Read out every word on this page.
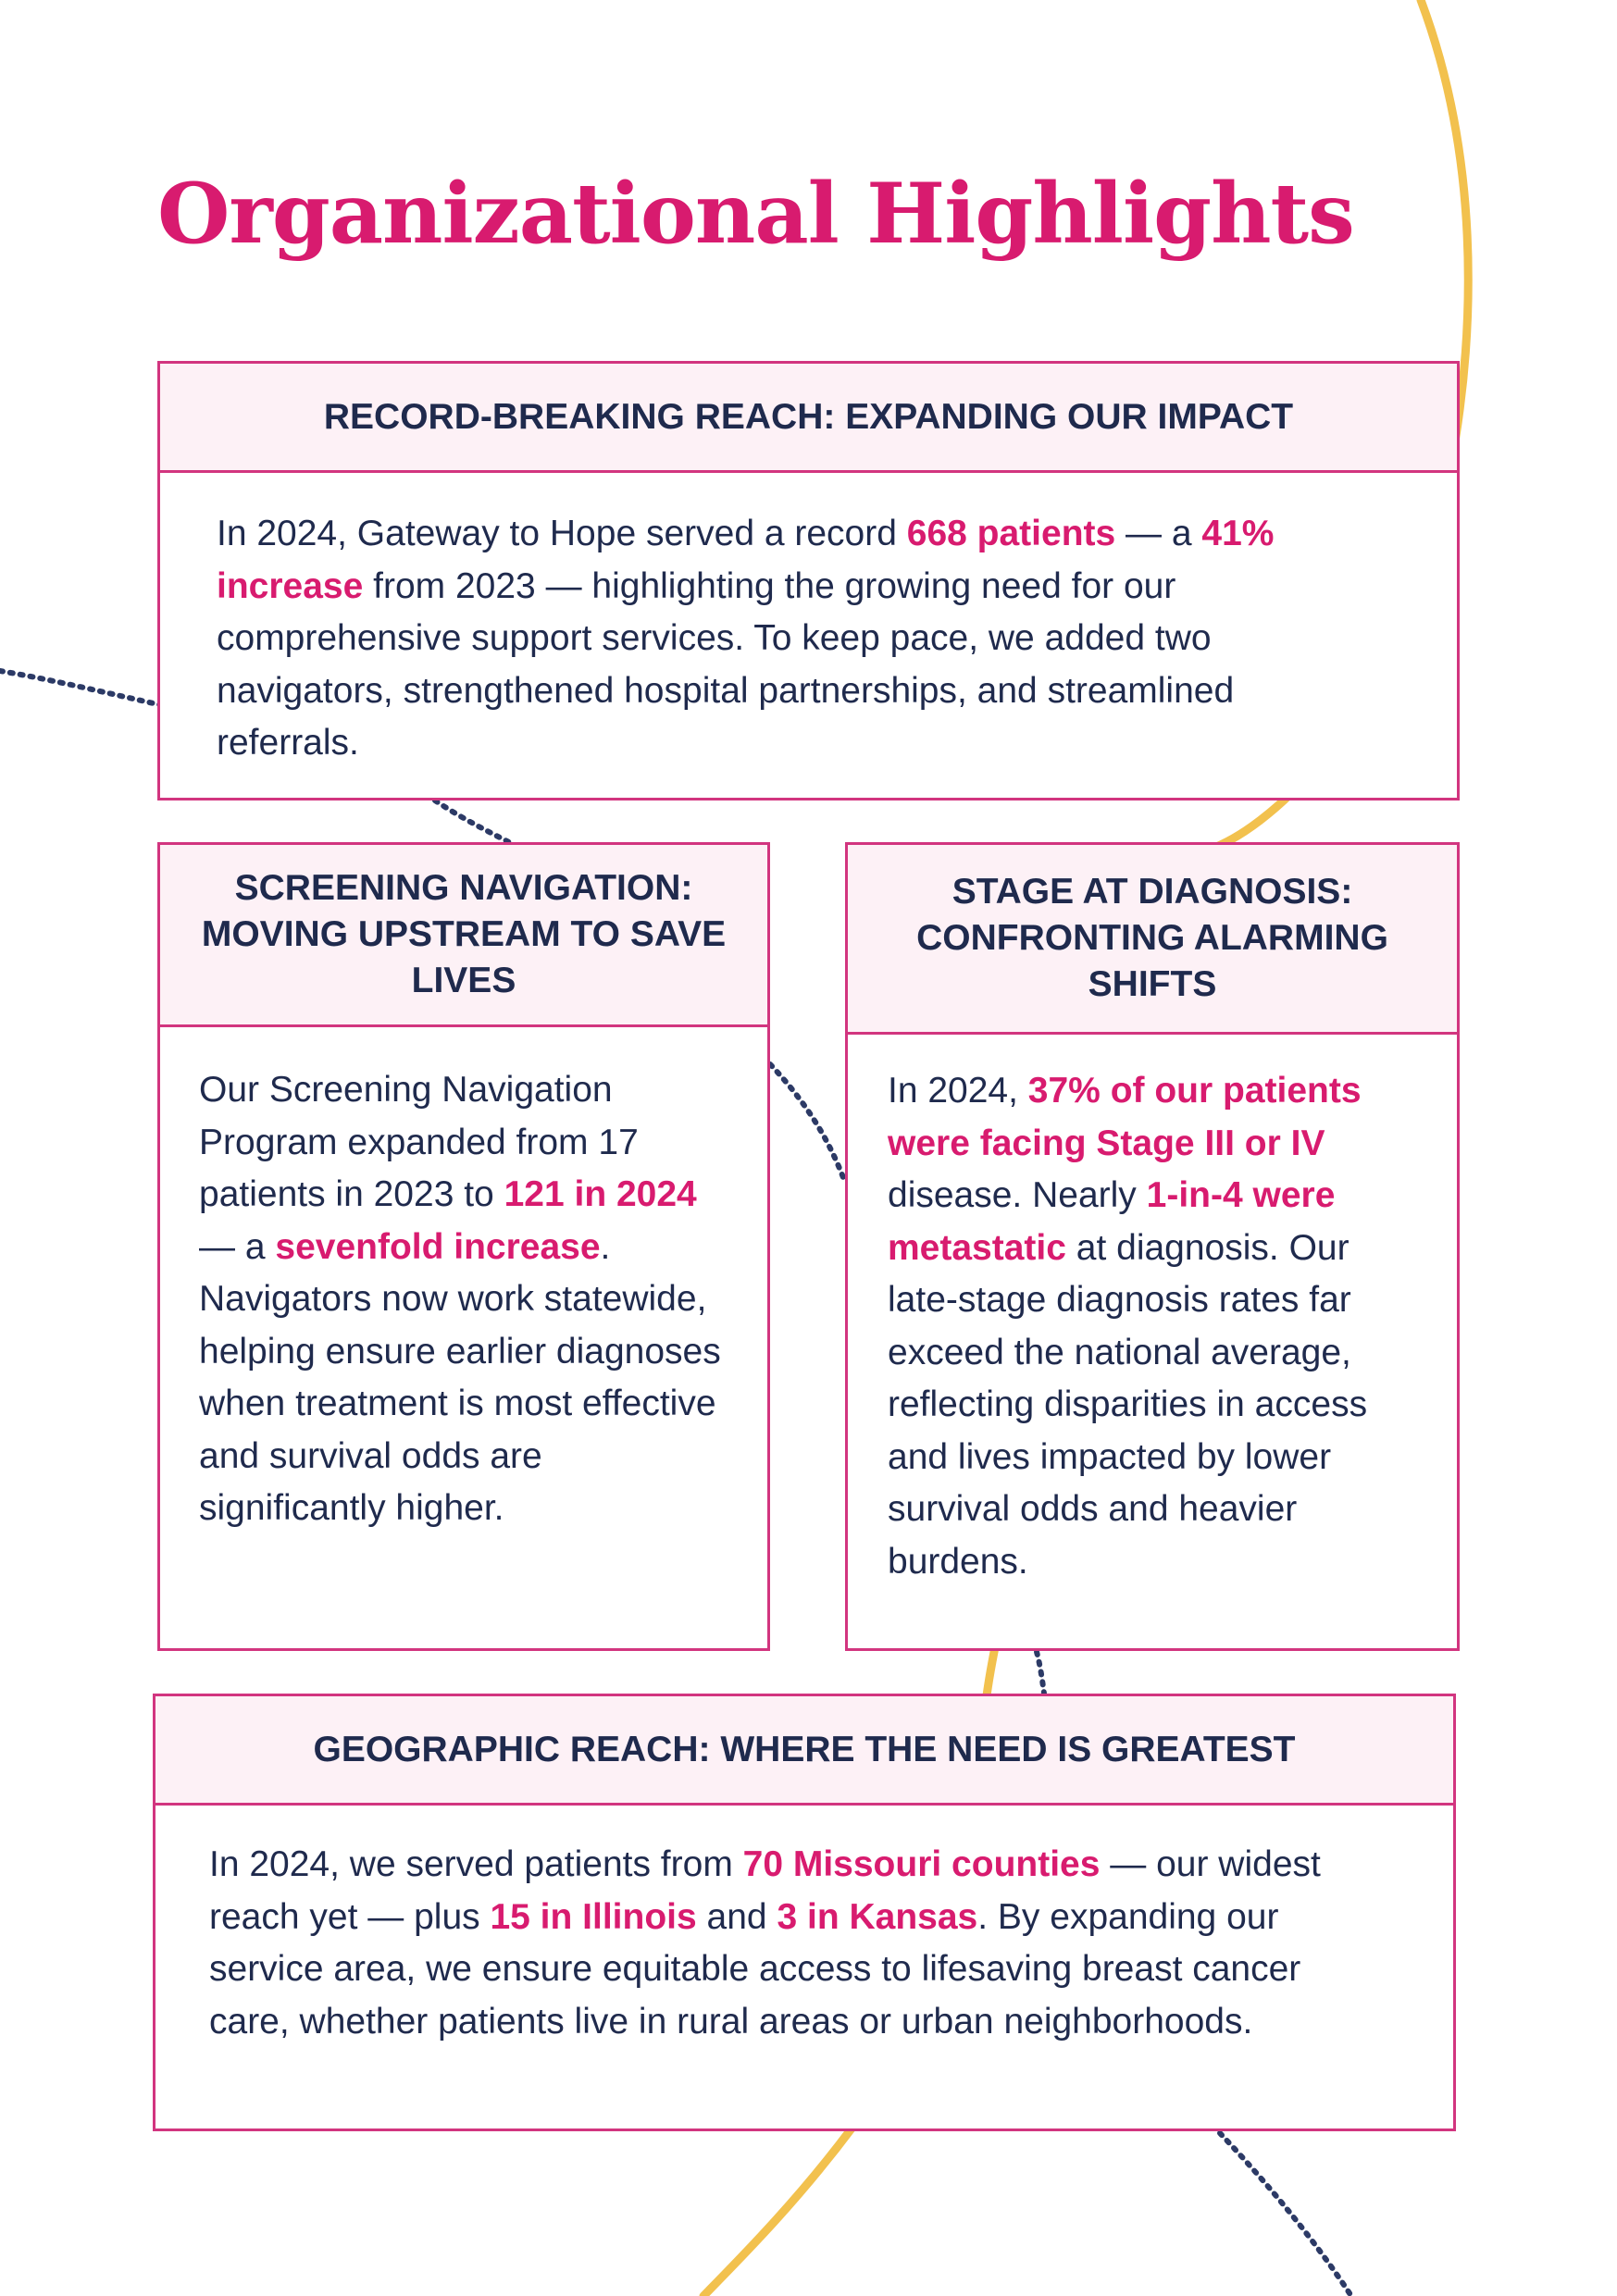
Organizational Highlights
RECORD-BREAKING REACH: EXPANDING OUR IMPACT
In 2024, Gateway to Hope served a record 668 patients — a 41% increase from 2023 — highlighting the growing need for our comprehensive support services. To keep pace, we added two navigators, strengthened hospital partnerships, and streamlined referrals.
SCREENING NAVIGATION: MOVING UPSTREAM TO SAVE LIVES
Our Screening Navigation Program expanded from 17 patients in 2023 to 121 in 2024 — a sevenfold increase. Navigators now work statewide, helping ensure earlier diagnoses when treatment is most effective and survival odds are significantly higher.
STAGE AT DIAGNOSIS: CONFRONTING ALARMING SHIFTS
In 2024, 37% of our patients were facing Stage III or IV disease. Nearly 1-in-4 were metastatic at diagnosis. Our late-stage diagnosis rates far exceed the national average, reflecting disparities in access and lives impacted by lower survival odds and heavier burdens.
GEOGRAPHIC REACH: WHERE THE NEED IS GREATEST
In 2024, we served patients from 70 Missouri counties — our widest reach yet — plus 15 in Illinois and 3 in Kansas. By expanding our service area, we ensure equitable access to lifesaving breast cancer care, whether patients live in rural areas or urban neighborhoods.
